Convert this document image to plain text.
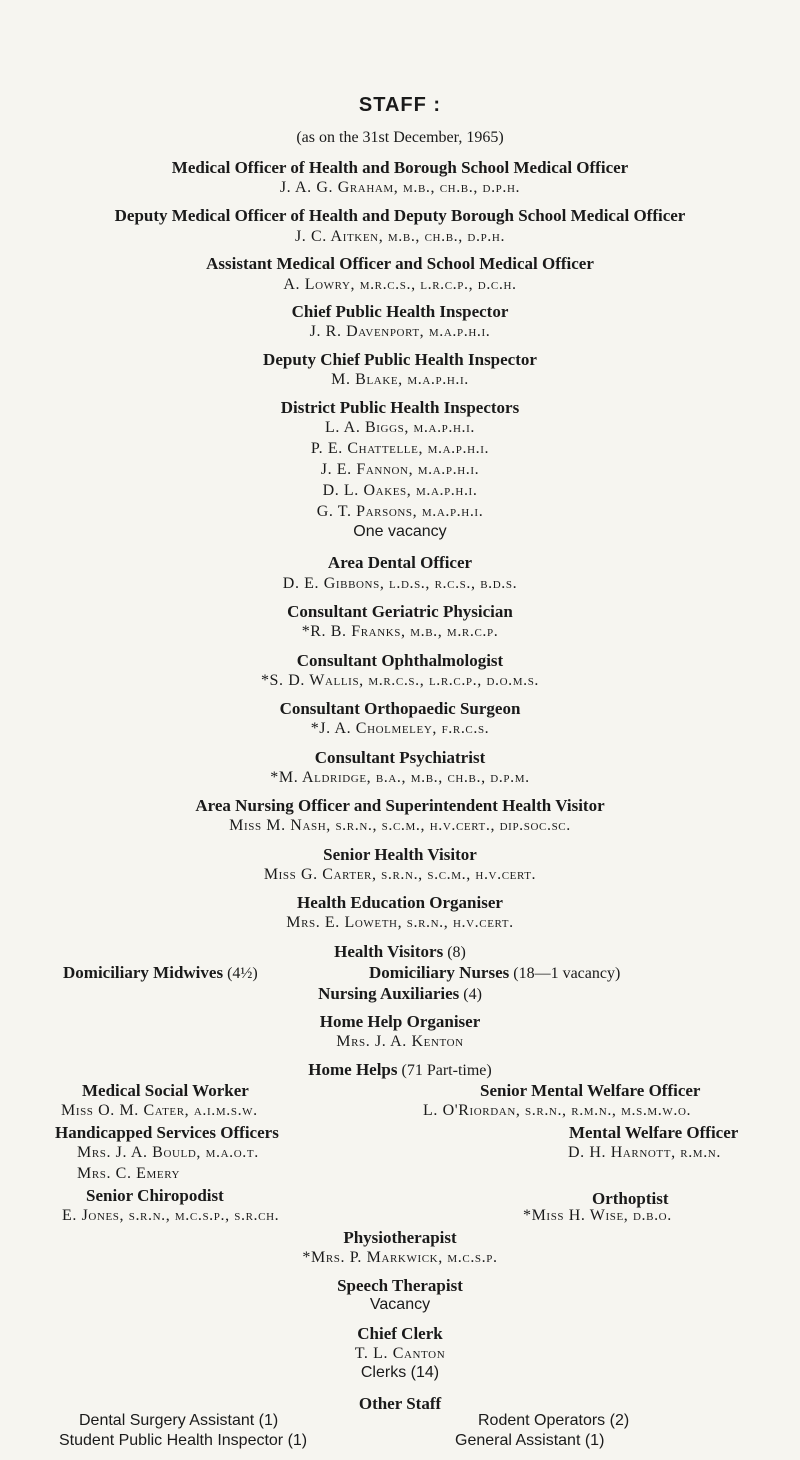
STAFF :
(as on the 31st December, 1965)
Medical Officer of Health and Borough School Medical Officer
J. A. G. Graham, m.b., ch.b., d.p.h.
Deputy Medical Officer of Health and Deputy Borough School Medical Officer
J. C. Aitken, m.b., ch.b., d.p.h.
Assistant Medical Officer and School Medical Officer
A. Lowry, m.r.c.s., l.r.c.p., d.c.h.
Chief Public Health Inspector
J. R. Davenport, m.a.p.h.i.
Deputy Chief Public Health Inspector
M. Blake, m.a.p.h.i.
District Public Health Inspectors
L. A. Biggs, m.a.p.h.i.
P. E. Chattelle, m.a.p.h.i.
J. E. Fannon, m.a.p.h.i.
D. L. Oakes, m.a.p.h.i.
G. T. Parsons, m.a.p.h.i.
One vacancy
Area Dental Officer
D. E. Gibbons, l.d.s., r.c.s., b.d.s.
Consultant Geriatric Physician
*R. B. Franks, m.b., m.r.c.p.
Consultant Ophthalmologist
*S. D. Wallis, m.r.c.s., l.r.c.p., d.o.m.s.
Consultant Orthopaedic Surgeon
*J. A. Cholmeley, f.r.c.s.
Consultant Psychiatrist
*M. Aldridge, b.a., m.b., ch.b., d.p.m.
Area Nursing Officer and Superintendent Health Visitor
Miss M. Nash, s.r.n., s.c.m., h.v.cert., dip.soc.sc.
Senior Health Visitor
Miss G. Carter, s.r.n., s.c.m., h.v.cert.
Health Education Organiser
Mrs. E. Loweth, s.r.n., h.v.cert.
Health Visitors (8)
Domiciliary Midwives (4½)	Domiciliary Nurses (18—1 vacancy)
Nursing Auxiliaries (4)
Home Help Organiser
Mrs. J. A. Kenton
Home Helps (71 Part-time)
Medical Social Worker
Miss O. M. Cater, a.i.m.s.w.
Senior Mental Welfare Officer
L. O'Riordan, s.r.n., r.m.n., m.s.m.w.o.
Handicapped Services Officers	Mental Welfare Officer
Mrs. J. A. Bould, m.a.o.t.	D. H. Harnott, r.m.n.
Mrs. C. Emery
Senior Chiropodist	Orthoptist
E. Jones, s.r.n., m.c.s.p., s.r.ch.	*Miss H. Wise, d.b.o.
Physiotherapist
*Mrs. P. Markwick, m.c.s.p.
Speech Therapist
Vacancy
Chief Clerk
T. L. Canton
Clerks (14)
Other Staff
Dental Surgery Assistant (1)	Rodent Operators (2)
Student Public Health Inspector (1)	General Assistant (1)
